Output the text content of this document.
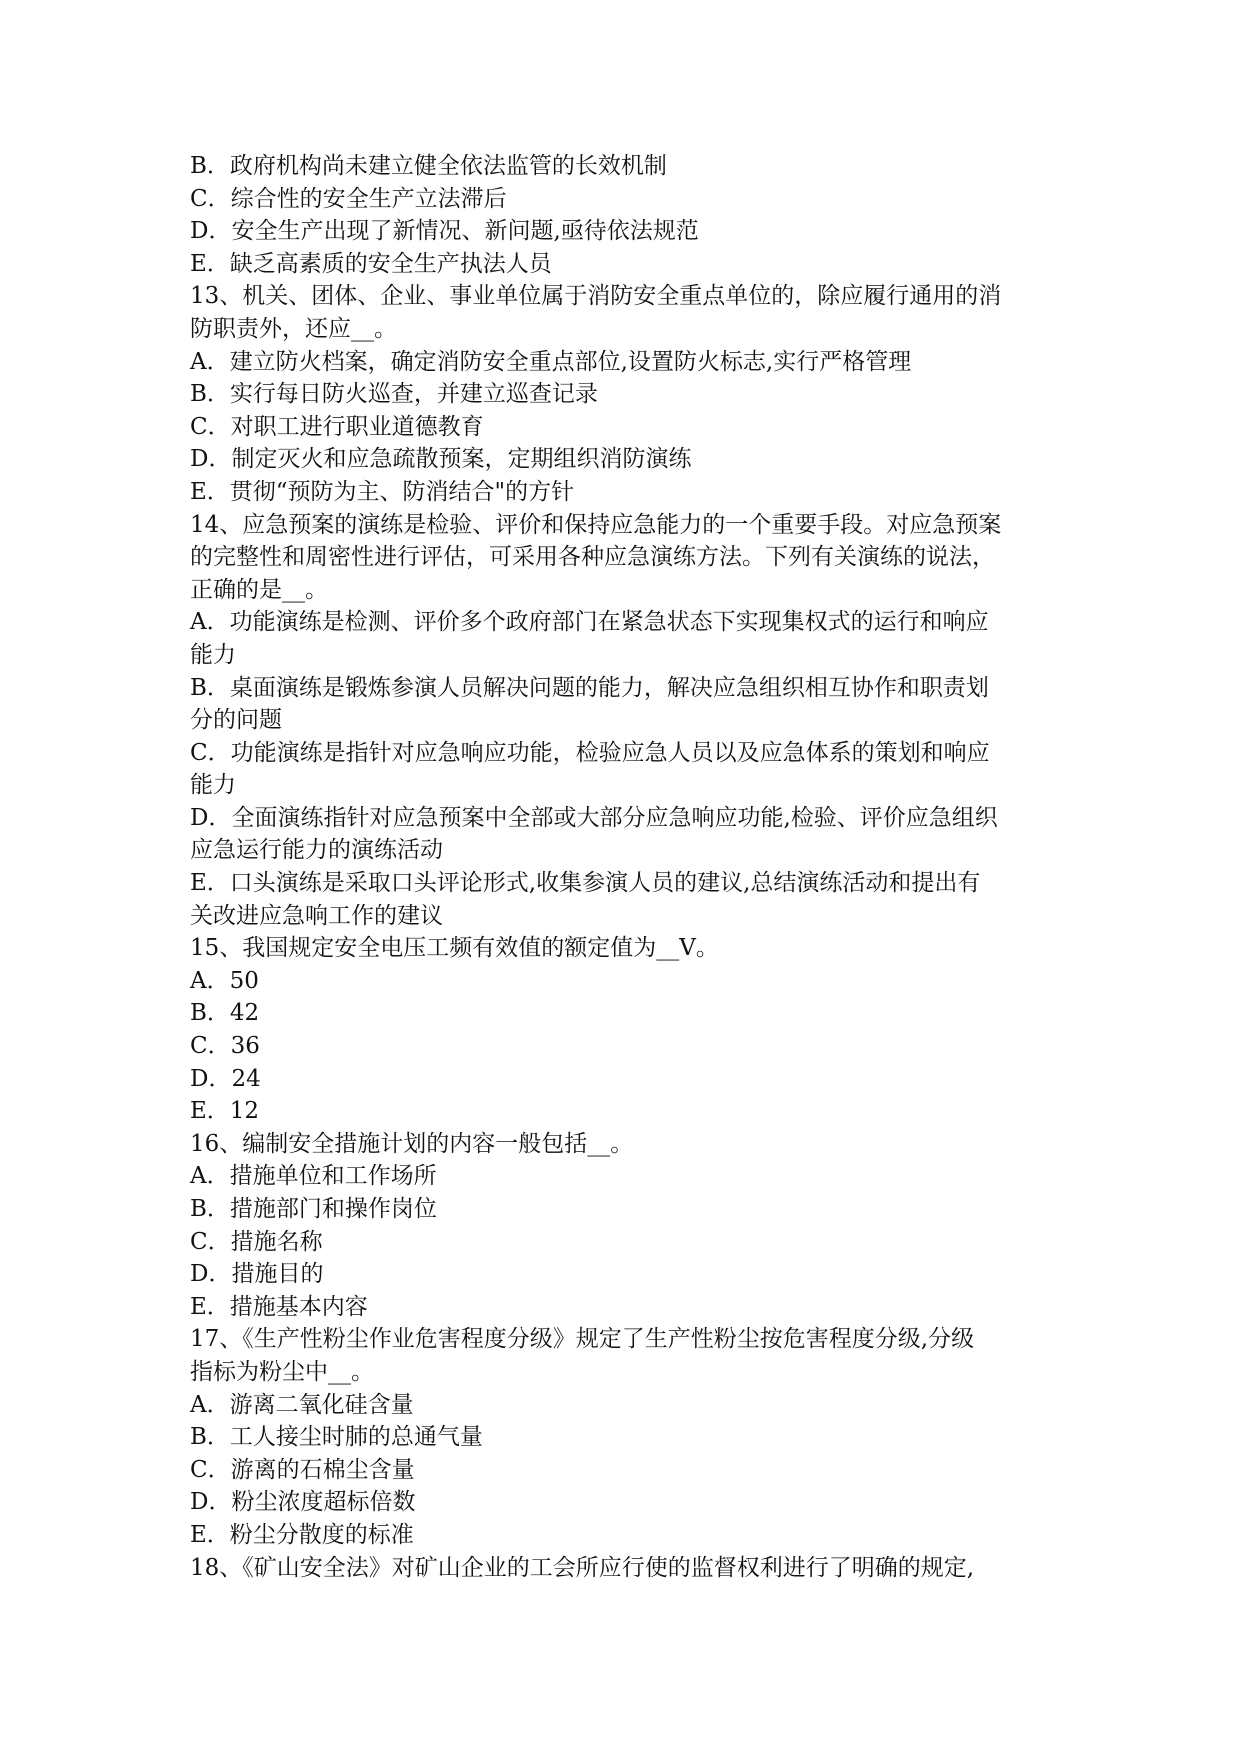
B．政府机构尚未建立健全依法监管的长效机制
C．综合性的安全生产立法滞后
D．安全生产出现了新情况、新问题,亟待依法规范
E．缺乏高素质的安全生产执法人员
13、机关、团体、企业、事业单位属于消防安全重点单位的，除应履行通用的消
防职责外，还应__。
A．建立防火档案，确定消防安全重点部位,设置防火标志,实行严格管理
B．实行每日防火巡查，并建立巡查记录
C．对职工进行职业道德教育
D．制定灭火和应急疏散预案，定期组织消防演练
E．贯彻“预防为主、防消结合"的方针
14、应急预案的演练是检验、评价和保持应急能力的一个重要手段。对应急预案
的完整性和周密性进行评估，可采用各种应急演练方法。下列有关演练的说法，
正确的是__。
A．功能演练是检测、评价多个政府部门在紧急状态下实现集权式的运行和响应
能力
B．桌面演练是锻炼参演人员解决问题的能力，解决应急组织相互协作和职责划
分的问题
C．功能演练是指针对应急响应功能，检验应急人员以及应急体系的策划和响应
能力
D．全面演练指针对应急预案中全部或大部分应急响应功能,检验、评价应急组织
应急运行能力的演练活动
E．口头演练是采取口头评论形式,收集参演人员的建议,总结演练活动和提出有
关改进应急响工作的建议
15、我国规定安全电压工频有效值的额定值为__V。
A．50
B．42
C．36
D．24
E．12
16、编制安全措施计划的内容一般包括__。
A．措施单位和工作场所
B．措施部门和操作岗位
C．措施名称
D．措施目的
E．措施基本内容
17、《生产性粉尘作业危害程度分级》规定了生产性粉尘按危害程度分级,分级
指标为粉尘中__。
A．游离二氧化硅含量
B．工人接尘时肺的总通气量
C．游离的石棉尘含量
D．粉尘浓度超标倍数
E．粉尘分散度的标准
18、《矿山安全法》对矿山企业的工会所应行使的监督权利进行了明确的规定,
